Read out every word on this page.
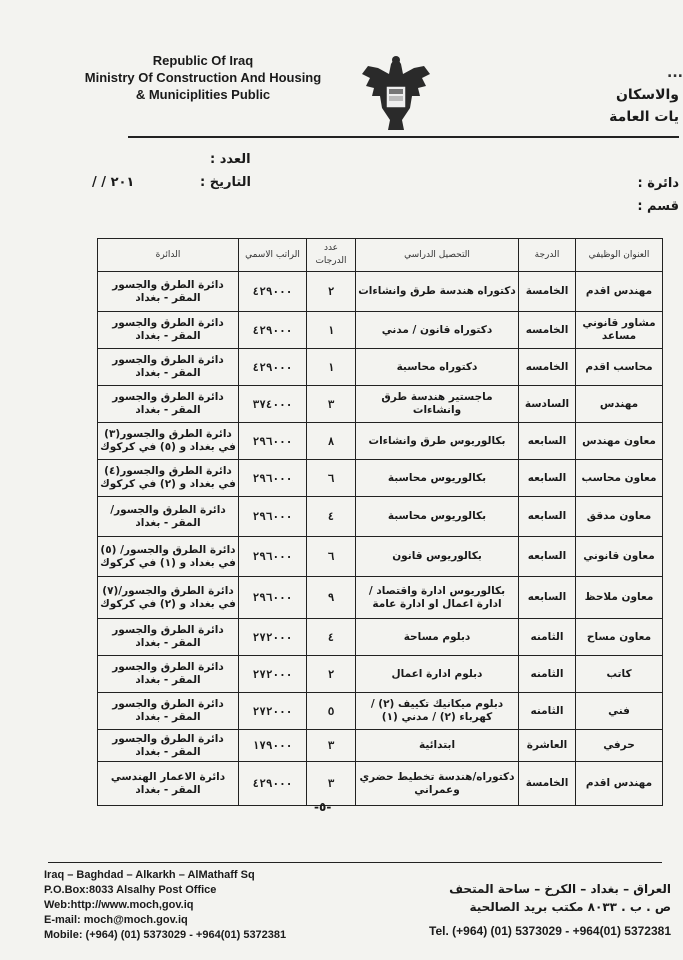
Republic Of Iraq
Ministry Of Construction And Housing
& Municiplities Public
...
والاسكان
يات العامة
العدد :
التاريخ :
/ / ٢٠١	دائرة :
قسم :
العنوان الوظيفي	الدرجة	التحصيل الدراسي	عدد الدرجات	الراتب الاسمي	الدائرة
مهندس اقدم	الخامسة	دكتوراه هندسة طرق وانشاءات	٢	٤٢٩٠٠٠	دائرة الطرق والجسور المقر - بغداد
مشاور قانوني مساعد	الخامسه	دكتوراه قانون / مدني	١	٤٢٩٠٠٠	دائرة الطرق والجسور المقر - بغداد
محاسب اقدم	الخامسه	دكتوراه محاسبة	١	٤٢٩٠٠٠	دائرة الطرق والجسور المقر - بغداد
مهندس	السادسة	ماجستير هندسة طرق وانشاءات	٣	٣٧٤٠٠٠	دائرة الطرق والجسور المقر - بغداد
معاون مهندس	السابعه	بكالوريوس طرق وانشاءات	٨	٢٩٦٠٠٠	دائرة الطرق والجسور(٣) في بغداد و (٥) في كركوك
معاون محاسب	السابعه	بكالوريوس محاسبة	٦	٢٩٦٠٠٠	دائرة الطرق والجسور(٤) في بغداد و (٢) في كركوك
معاون مدقق	السابعه	بكالوريوس محاسبة	٤	٢٩٦٠٠٠	دائرة الطرق والجسور/ المقر - بغداد
معاون قانوني	السابعه	بكالوريوس قانون	٦	٢٩٦٠٠٠	دائرة الطرق والجسور/ (٥) في بغداد و (١) في كركوك
معاون ملاحظ	السابعه	بكالوريوس ادارة واقتصاد / ادارة اعمال او ادارة عامة	٩	٢٩٦٠٠٠	دائرة الطرق والجسور/(٧) في بغداد و (٢) في كركوك
معاون مساح	الثامنه	دبلوم مساحة	٤	٢٧٢٠٠٠	دائرة الطرق والجسور المقر - بغداد
كاتب	الثامنه	دبلوم ادارة اعمال	٢	٢٧٢٠٠٠	دائرة الطرق والجسور المقر - بغداد
فني	الثامنه	دبلوم ميكانيك تكييف (٢) /كهرباء (٢) / مدني (١)	٥	٢٧٢٠٠٠	دائرة الطرق والجسور المقر - بغداد
حرفي	العاشرة	ابتدائية	٣	١٧٩٠٠٠	دائرة الطرق والجسور المقر - بغداد
مهندس اقدم	الخامسة	دكتوراه/هندسة تخطيط حضري وعمراني	٣	٤٢٩٠٠٠	دائرة الاعمار الهندسي المقر - بغداد
-٥-
Iraq – Baghdad – Alkarkh – AlMathaff Sq
P.O.Box:8033 Alsalhy Post Office
Web:http://www.moch,gov.iq
E-mail: moch@moch.gov.iq
Mobile: (+964) (01) 5373029 - +964(01) 5372381
العراق – بغداد – الكرخ – ساحة المتحف
ص . ب . ٨٠٣٣ مكتب بريد الصالحية
Tel. (+964) (01) 5373029 - +964(01) 5372381
